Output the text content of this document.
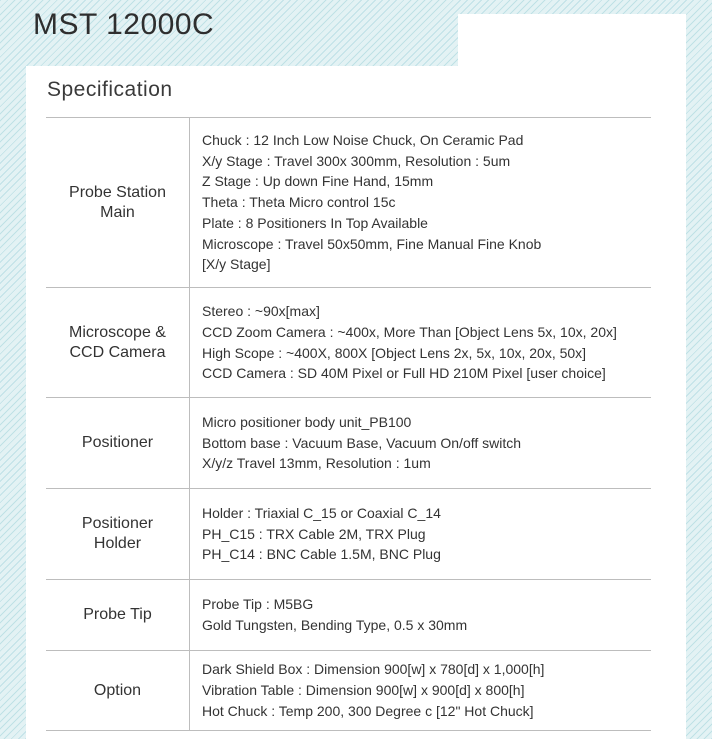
MST 12000C
Specification
Probe Station
Main
Chuck : 12 Inch Low Noise Chuck, On Ceramic Pad
X/y Stage : Travel 300x 300mm, Resolution : 5um
Z Stage : Up down Fine Hand, 15mm
Theta : Theta Micro control 15c
Plate : 8 Positioners In Top Available
Microscope : Travel 50x50mm, Fine Manual Fine Knob
[X/y Stage]
Microscope &
CCD Camera
Stereo : ~90x[max]
CCD Zoom Camera : ~400x, More Than [Object Lens 5x, 10x, 20x]
High Scope : ~400X, 800X [Object Lens 2x, 5x, 10x, 20x, 50x]
CCD Camera : SD 40M Pixel or Full HD 210M Pixel [user choice]
Positioner
Micro positioner body unit_PB100
Bottom base : Vacuum Base, Vacuum On/off switch
X/y/z Travel 13mm, Resolution : 1um
Positioner
Holder
Holder : Triaxial C_15 or Coaxial C_14
PH_C15 : TRX Cable 2M, TRX Plug
PH_C14 : BNC Cable 1.5M, BNC Plug
Probe Tip
Probe Tip : M5BG
Gold Tungsten, Bending Type, 0.5 x 30mm
Option
Dark Shield Box : Dimension 900[w] x 780[d] x 1,000[h]
Vibration Table : Dimension 900[w] x 900[d] x 800[h]
Hot Chuck : Temp 200, 300 Degree c [12" Hot Chuck]
